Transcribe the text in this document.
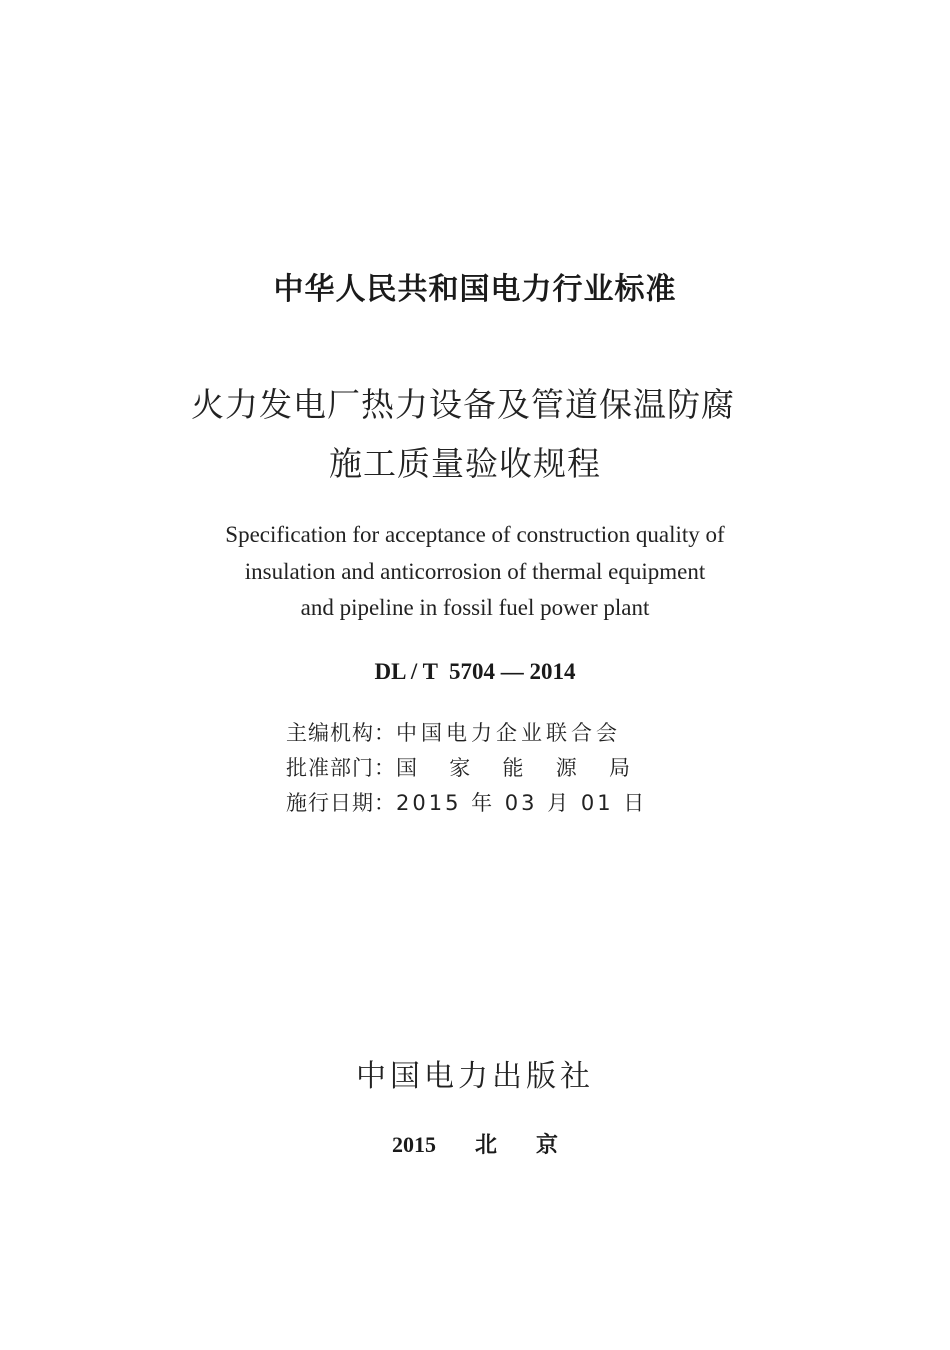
中华人民共和国电力行业标准
火力发电厂热力设备及管道保温防腐
施工质量验收规程
Specification for acceptance of construction quality of
insulation and anticorrosion of thermal equipment
and pipeline in fossil fuel power plant
DL / T  5704 — 2014
主编机构： 中国电力企业联合会
批准部门： 国 家 能 源 局
施行日期： 2015 年 03 月 01 日
中国电力出版社
2015  北  京
